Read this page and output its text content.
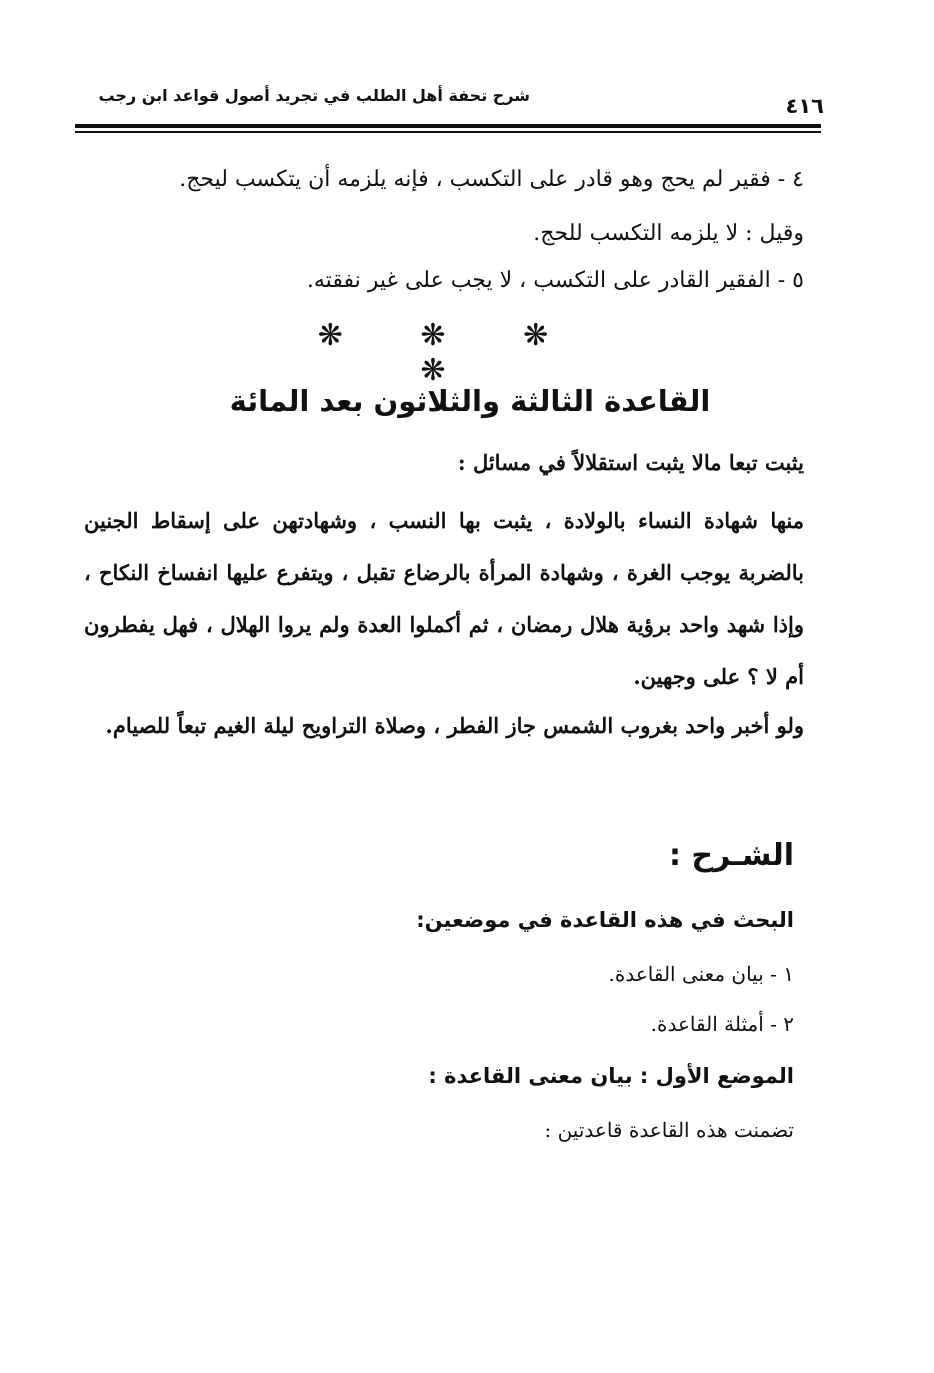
شرح تحفة أهل الطلب في تجريد أصول قواعد ابن رجب	٤١٦
٤ - فقير لم يحج وهو قادر على التكسب ، فإنه يلزمه أن يتكسب ليحج.
وقيل : لا يلزمه التكسب للحج.
٥ - الفقير القادر على التكسب ، لا يجب على غير نفقته.
❋ ❋ ❋ ❋
القاعدة الثالثة والثلاثون بعد المائة
يثبت تبعا مالا يثبت استقلالاً في مسائل :
منها شهادة النساء بالولادة ، يثبت بها النسب ، وشهادتهن على إسقاط الجنين بالضربة يوجب الغرة ، وشهادة المرأة بالرضاع تقبل ، ويتفرع عليها انفساخ النكاح ، وإذا شهد واحد برؤية هلال رمضان ، ثم أكملوا العدة ولم يروا الهلال ، فهل يفطرون أم لا ؟ على وجهين.
ولو أخبر واحد بغروب الشمس جاز الفطر ، وصلاة التراويح ليلة الغيم تبعاً للصيام.
الشـرح :
البحث في هذه القاعدة في موضعين:
١ - بيان معنى القاعدة.
٢ - أمثلة القاعدة.
الموضع الأول : بيان معنى القاعدة :
تضمنت هذه القاعدة قاعدتين :
